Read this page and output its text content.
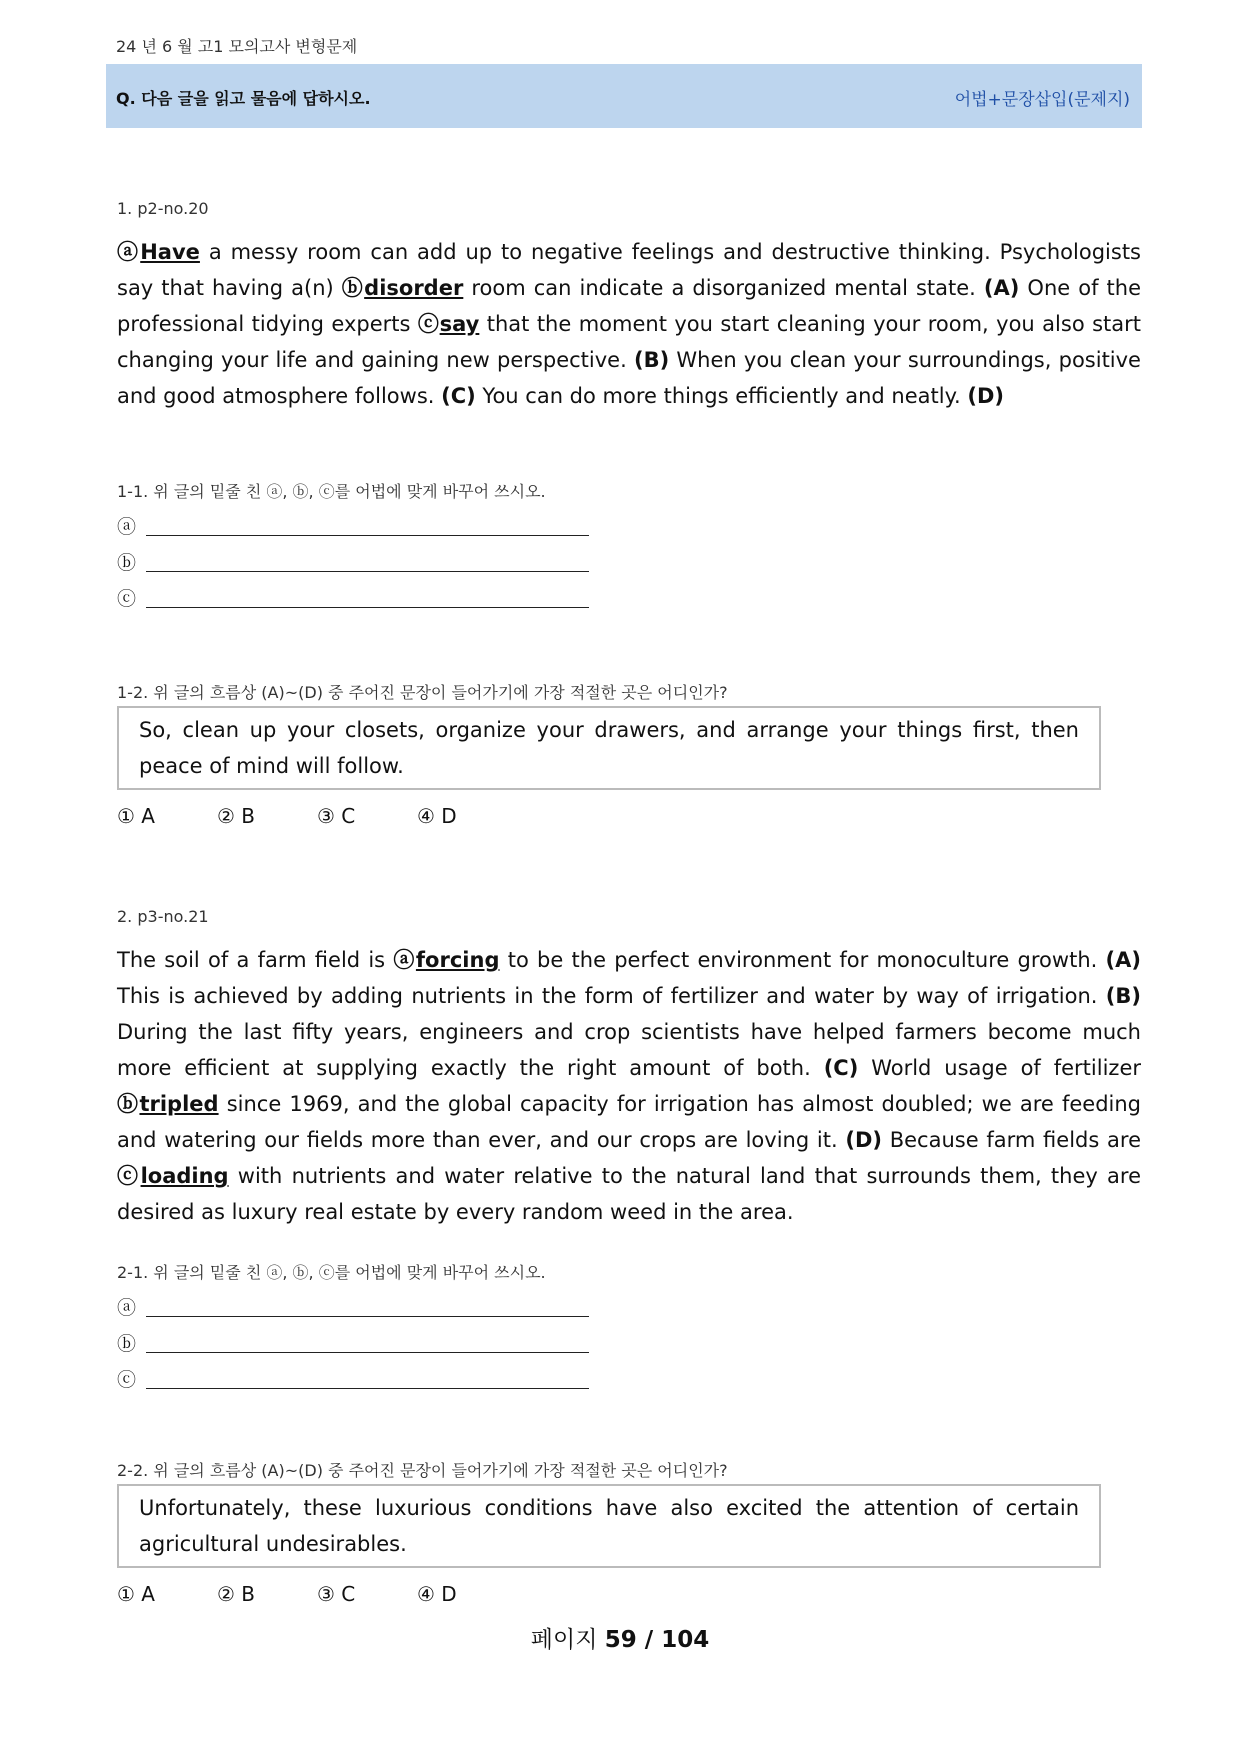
24 년 6 월 고1 모의고사 변형문제
Q. 다음 글을 읽고 물음에 답하시오.	어법+문장삽입(문제지)

1. p2-no.20

ⓐHave a messy room can add up to negative feelings and destructive thinking. Psychologists say that having a(n) ⓑdisorder room can indicate a disorganized mental state. (A) One of the professional tidying experts ⓒsay that the moment you start cleaning your room, you also start changing your life and gaining new perspective. (B) When you clean your surroundings, positive and good atmosphere follows. (C) You can do more things efficiently and neatly. (D)
1-1. 위 글의 밑줄 친 ⓐ, ⓑ, ⓒ를 어법에 맞게 바꾸어 쓰시오.
ⓐ
ⓑ
ⓒ
1-2. 위 글의 흐름상 (A)~(D) 중 주어진 문장이 들어가기에 가장 적절한 곳은 어디인가?
So, clean up your closets, organize your drawers, and arrange your things first, then peace of mind will follow.
① A	② B	③ C	④ D

2. p3-no.21

The soil of a farm field is ⓐforcing to be the perfect environment for monoculture growth. (A) This is achieved by adding nutrients in the form of fertilizer and water by way of irrigation. (B) During the last fifty years, engineers and crop scientists have helped farmers become much more efficient at supplying exactly the right amount of both. (C) World usage of fertilizer ⓑtripled since 1969, and the global capacity for irrigation has almost doubled; we are feeding and watering our fields more than ever, and our crops are loving it. (D) Because farm fields are ⓒloading with nutrients and water relative to the natural land that surrounds them, they are desired as luxury real estate by every random weed in the area.
2-1. 위 글의 밑줄 친 ⓐ, ⓑ, ⓒ를 어법에 맞게 바꾸어 쓰시오.
ⓐ
ⓑ
ⓒ
2-2. 위 글의 흐름상 (A)~(D) 중 주어진 문장이 들어가기에 가장 적절한 곳은 어디인가?
Unfortunately, these luxurious conditions have also excited the attention of certain agricultural undesirables.
① A	② B	③ C	④ D
페이지 59 / 104
